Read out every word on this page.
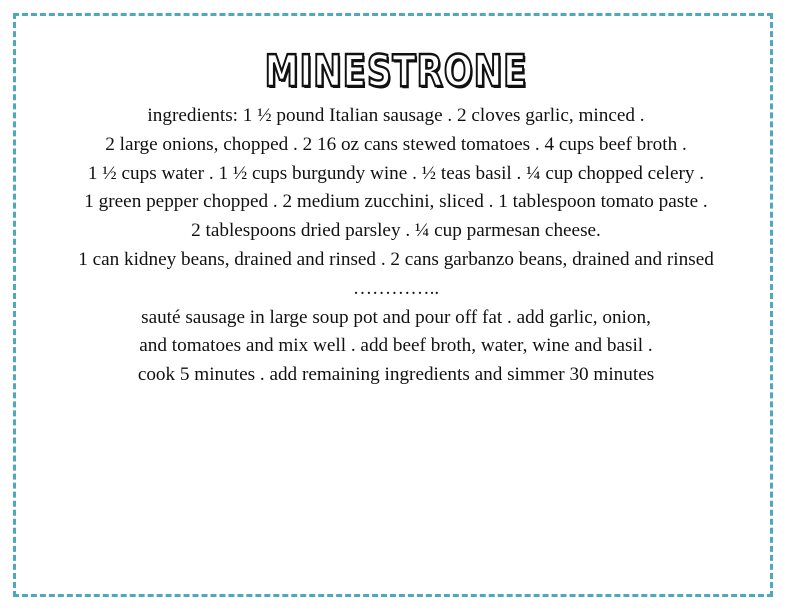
MINESTRONE
ingredients: 1 ½ pound Italian sausage . 2 cloves garlic, minced .
2 large onions, chopped . 2 16 oz cans stewed tomatoes . 4 cups beef broth .
1 ½ cups water . 1 ½ cups burgundy wine . ½ teas basil . ¼ cup chopped celery .
1 green pepper chopped . 2 medium zucchini, sliced . 1 tablespoon tomato paste .
2 tablespoons dried parsley . ¼ cup parmesan cheese.
1 can kidney beans, drained and rinsed . 2 cans garbanzo beans, drained and rinsed
…………..
sauté sausage in large soup pot and pour off fat . add garlic, onion,
and tomatoes and mix well . add beef broth, water, wine and basil .
cook 5 minutes . add remaining ingredients and simmer 30 minutes
